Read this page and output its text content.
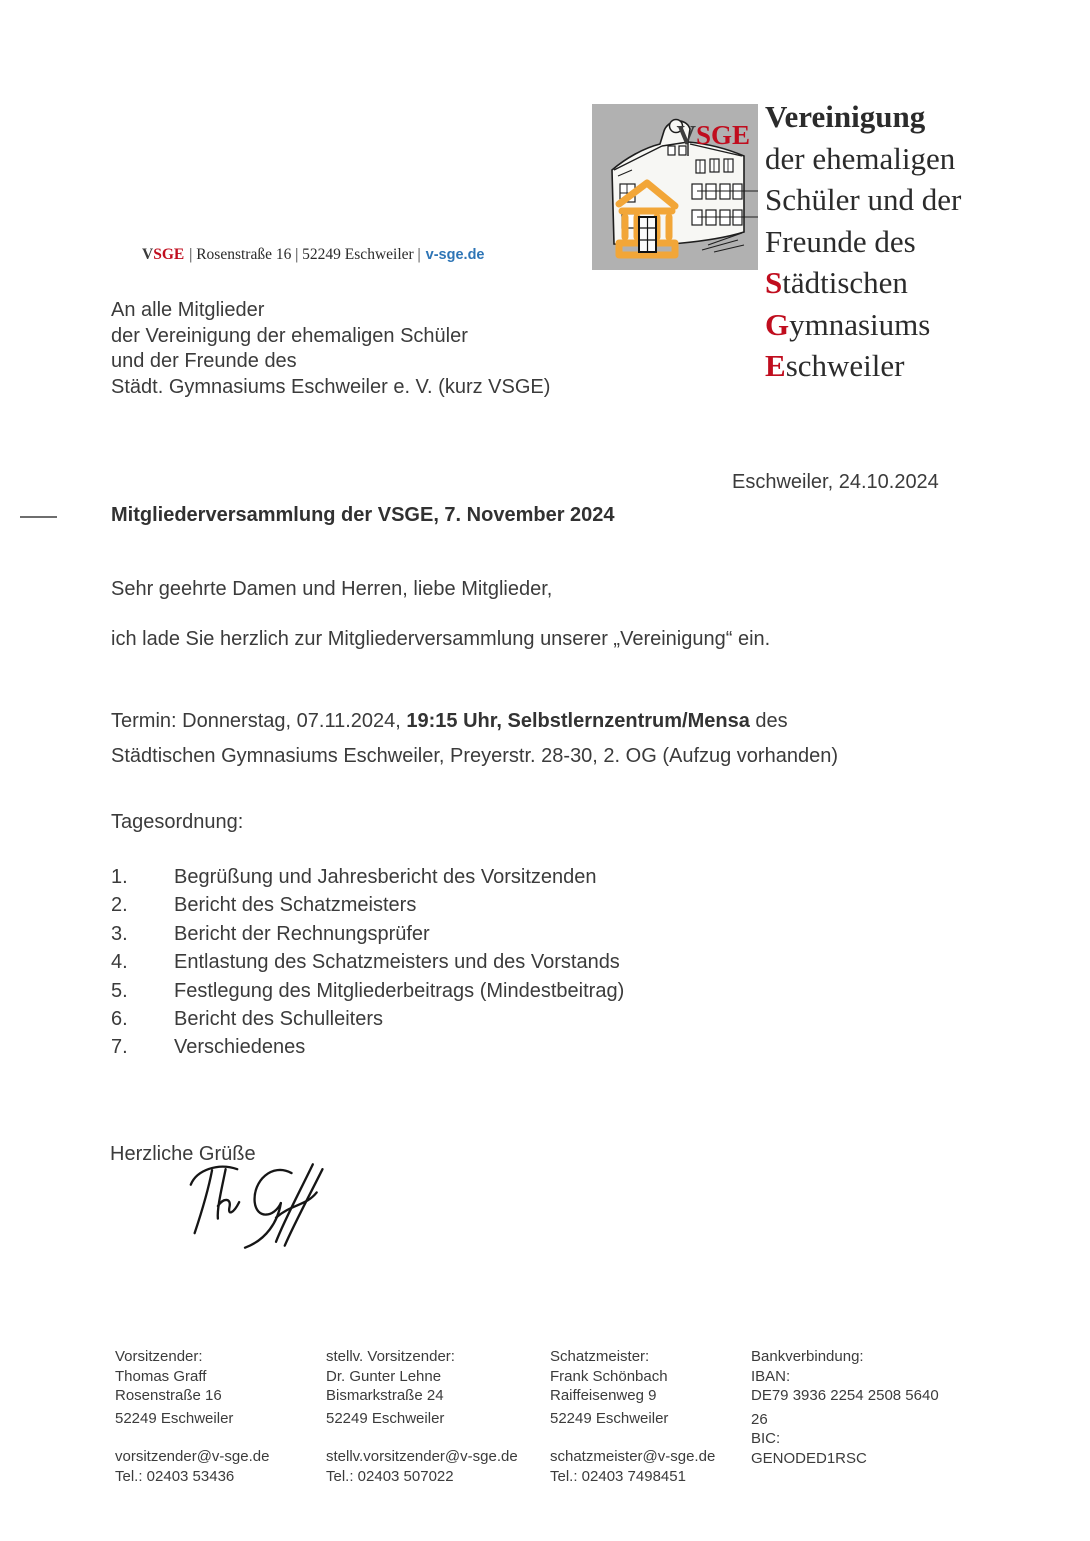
VSGE
Vereinigung
der ehemaligen
Schüler und der
Freunde des
Städtischen
Gymnasiums
Eschweiler
VSGE | Rosenstraße 16 | 52249 Eschweiler | v-sge.de
An alle Mitglieder
der Vereinigung der ehemaligen Schüler
und der Freunde des
Städt. Gymnasiums Eschweiler e. V. (kurz VSGE)
Eschweiler, 24.10.2024
Mitgliederversammlung der VSGE, 7. November 2024
Sehr geehrte Damen und Herren, liebe Mitglieder,
ich lade Sie herzlich zur Mitgliederversammlung unserer „Vereinigung“ ein.
Termin: Donnerstag, 07.11.2024, 19:15 Uhr, Selbstlernzentrum/Mensa des
Städtischen Gymnasiums Eschweiler, Preyerstr. 28-30, 2. OG (Aufzug vorhanden)
Tagesordnung:
1. Begrüßung und Jahresbericht des Vorsitzenden
2. Bericht des Schatzmeisters
3. Bericht der Rechnungsprüfer
4. Entlastung des Schatzmeisters und des Vorstands
5. Festlegung des Mitgliederbeitrags (Mindestbeitrag)
6. Bericht des Schulleiters
7. Verschiedenes
Herzliche Grüße
Vorsitzender:
Thomas Graff
Rosenstraße 16
52249 Eschweiler
vorsitzender@v-sge.de
Tel.: 02403 53436
stellv. Vorsitzender:
Dr. Gunter Lehne
Bismarkstraße 24
52249 Eschweiler
stellv.vorsitzender@v-sge.de
Tel.: 02403 507022
Schatzmeister:
Frank Schönbach
Raiffeisenweg 9
52249 Eschweiler
schatzmeister@v-sge.de
Tel.: 02403 7498451
Bankverbindung:
IBAN:
DE79 3936 2254 2508 5640
26
BIC:
GENODED1RSC
